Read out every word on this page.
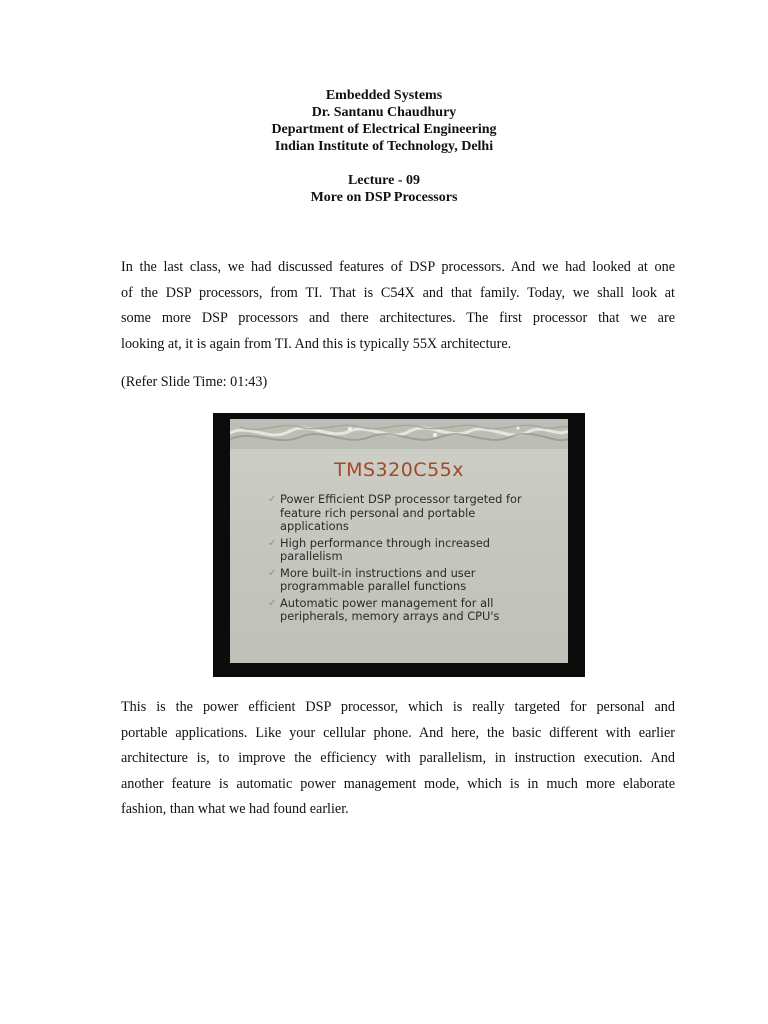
Embedded Systems
Dr. Santanu Chaudhury
Department of Electrical Engineering
Indian Institute of Technology, Delhi
Lecture - 09
More on DSP Processors
In the last class, we had discussed features of DSP processors. And we had looked at one
of the DSP processors, from TI. That is C54X and that family. Today, we shall look at
some more DSP processors and there architectures. The first processor that we are
looking at, it is again from TI. And this is typically 55X architecture.
(Refer Slide Time: 01:43)
TMS320C55x
✓ Power Efficient DSP processor targeted for
feature rich personal and portable
applications
✓ High performance through increased
parallelism
✓ More built-in instructions and user
programmable parallel functions
✓ Automatic power management for all
peripherals, memory arrays and CPU's
This is the power efficient DSP processor, which is really targeted for personal and
portable applications. Like your cellular phone. And here, the basic different with earlier
architecture is, to improve the efficiency with parallelism, in instruction execution. And
another feature is automatic power management mode, which is in much more elaborate
fashion, than what we had found earlier.
